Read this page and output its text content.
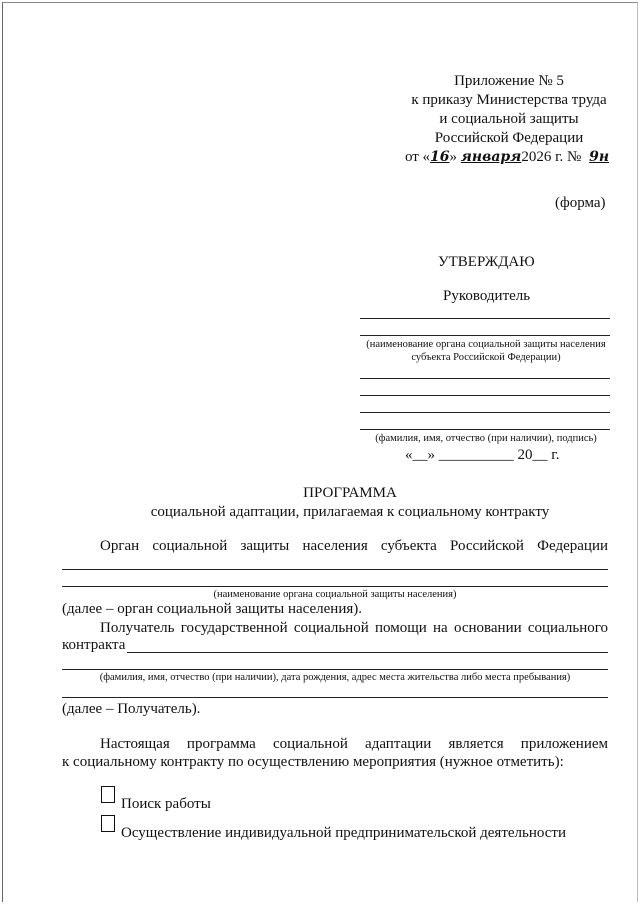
Приложение № 5
к приказу Министерства труда
и социальной защиты
Российской Федерации
от «16» января2026 г. № 9н
(форма)
УТВЕРЖДАЮ
Руководитель
(наименование органа социальной защиты населения субъекта Российской Федерации)
(фамилия, имя, отчество (при наличии), подпись)
«__» __________ 20__ г.
ПРОГРАММА
социальной адаптации, прилагаемая к социальному контракту
Орган социальной защиты населения субъекта Российской Федерации
(наименование органа социальной защиты населения)
(далее – орган социальной защиты населения).
Получатель государственной социальной помощи на основании социального
контракта
(фамилия, имя, отчество (при наличии), дата рождения, адрес места жительства либо места пребывания)
(далее – Получатель).
Настоящая программа социальной адаптации является приложением
к социальному контракту по осуществлению мероприятия (нужное отметить):
Поиск работы
Осуществление индивидуальной предпринимательской деятельности
